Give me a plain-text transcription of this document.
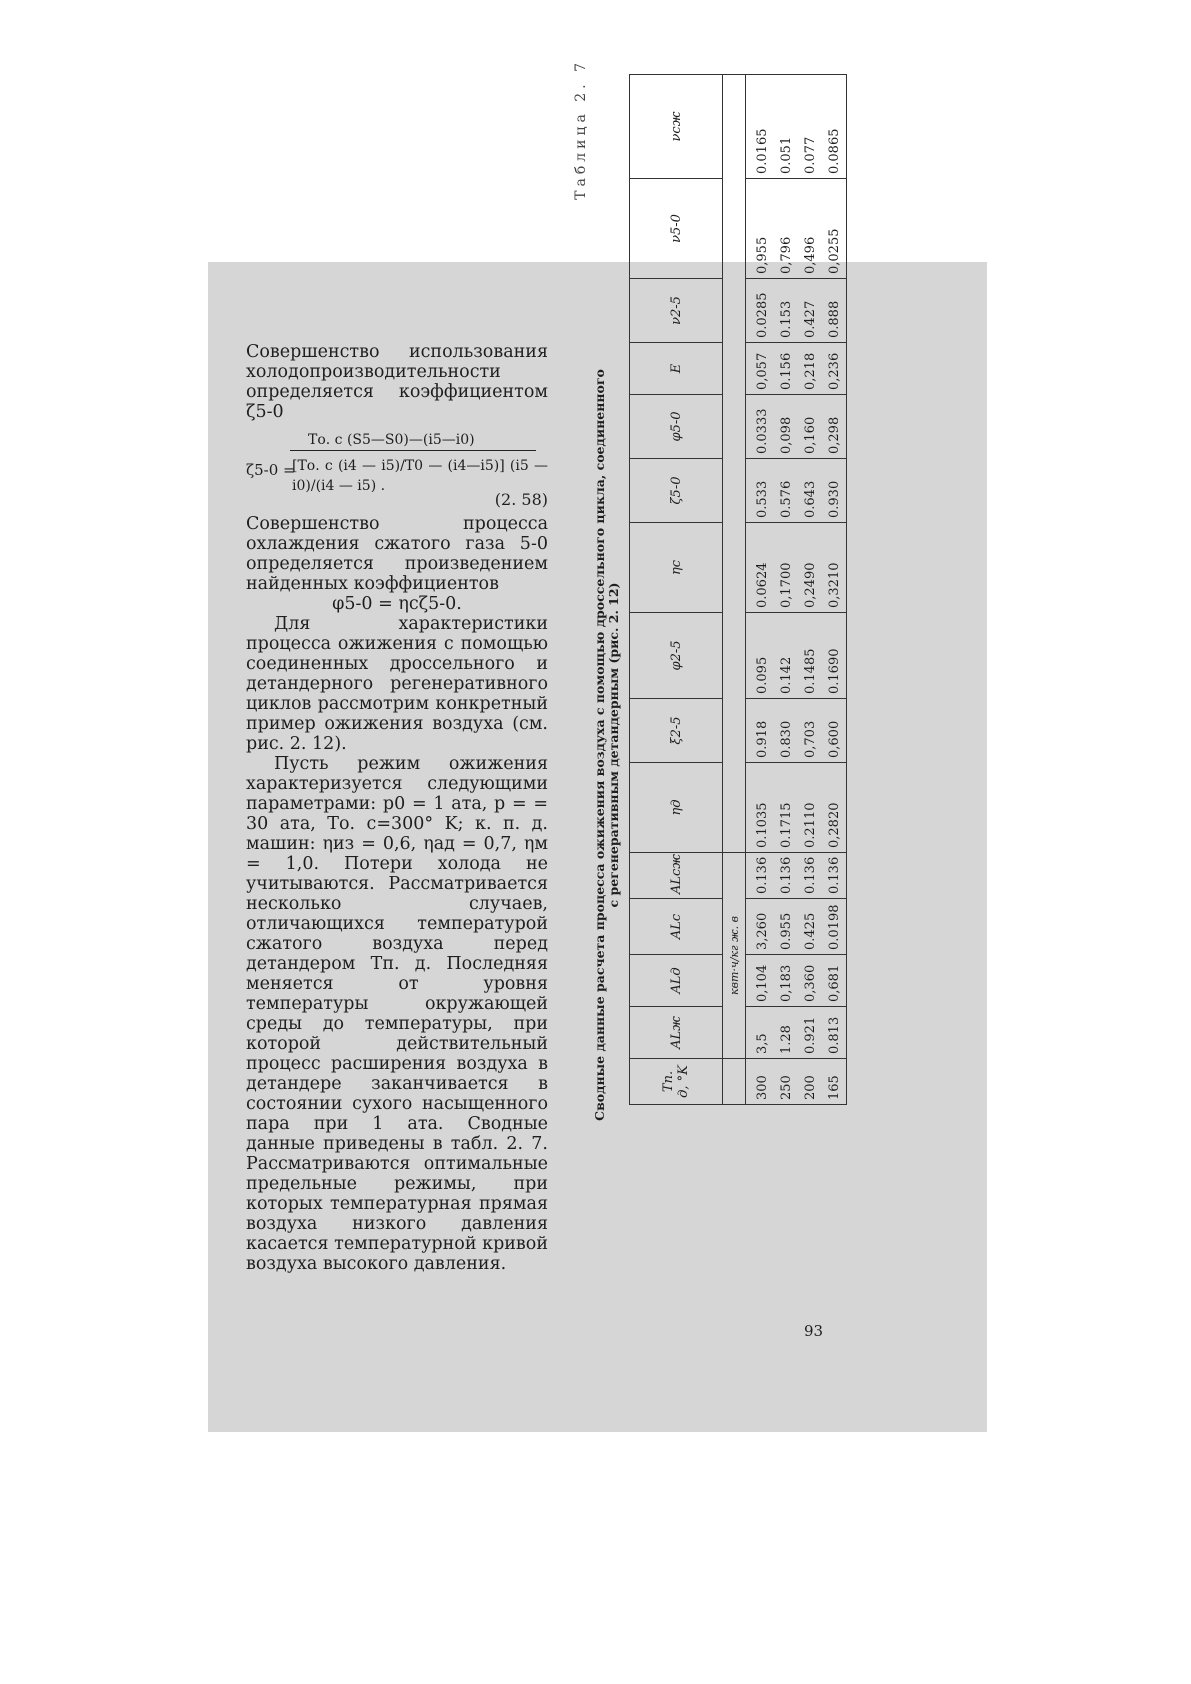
Совершенство использования холодопроизводительности определяется коэффициентом ζ5-0

ζ5-0 =
Tо. с (S5—S0)—(i5—i0)
[Tо. с (i4 — i5)/T0 — (i4—i5)] (i5 — i0)/(i4 — i5) .
(2. 58)

Совершенство процесса охлаждения сжатого газа 5-0 определяется произведением найденных коэффициентов

φ5-0 = ηcζ5-0.

Для характеристики процесса ожижения с помощью соединенных дроссельного и детандерного регенеративного циклов рассмотрим конкретный пример ожижения воздуха (см. рис. 2. 12).

Пусть режим ожижения характеризуется следующими параметрами: p0 = 1 ата, p = = 30 ата, Tо. с=300° K; к. п. д. машин: ηиз = 0,6, ηад = 0,7, ηм = 1,0. Потери холода не учитываются. Рассматривается несколько случаев, отличающихся температурой сжатого воздуха перед детандером Tп. д. Последняя меняется от уровня температуры окружающей среды до температуры, при которой действительный процесс расширения воздуха в детандере заканчивается в состоянии сухого насыщенного пара при 1 ата. Сводные данные приведены в табл. 2. 7. Рассматриваются оптимальные предельные режимы, при которых температурная прямая воздуха низкого давления касается температурной кривой воздуха высокого давления.

93
Таблица 2. 7
Сводные данные расчета процесса ожижения воздуха с помощью дроссельного цикла, соединенного с регенеративным детандерным (рис. 2. 12)
Tп. д, °K	ALж	ALд	ALс	ALсж	ηд	ξ2-5	φ2-5	ηс	ζ5-0	φ5-0	E	ν2-5	ν5-0	νсж
	квт·ч/кг ж. в													
300	3,5	0,104	3,260	0.136	0.1035	0.918	0.095	0.0624	0.533	0.0333	0,057	0.0285	0,955	0.0165
250	1.28	0,183	0.955	0.136	0.1715	0.830	0.142	0,1700	0.576	0,098	0.156	0.153	0,796	0.051
200	0.921	0,360	0.425	0.136	0.2110	0,703	0.1485	0,2490	0.643	0,160	0,218	0.427	0,496	0.077
165	0.813	0,681	0.0198	0.136	0,2820	0,600	0.1690	0,3210	0.930	0,298	0,236	0.888	0,0255	0.0865
